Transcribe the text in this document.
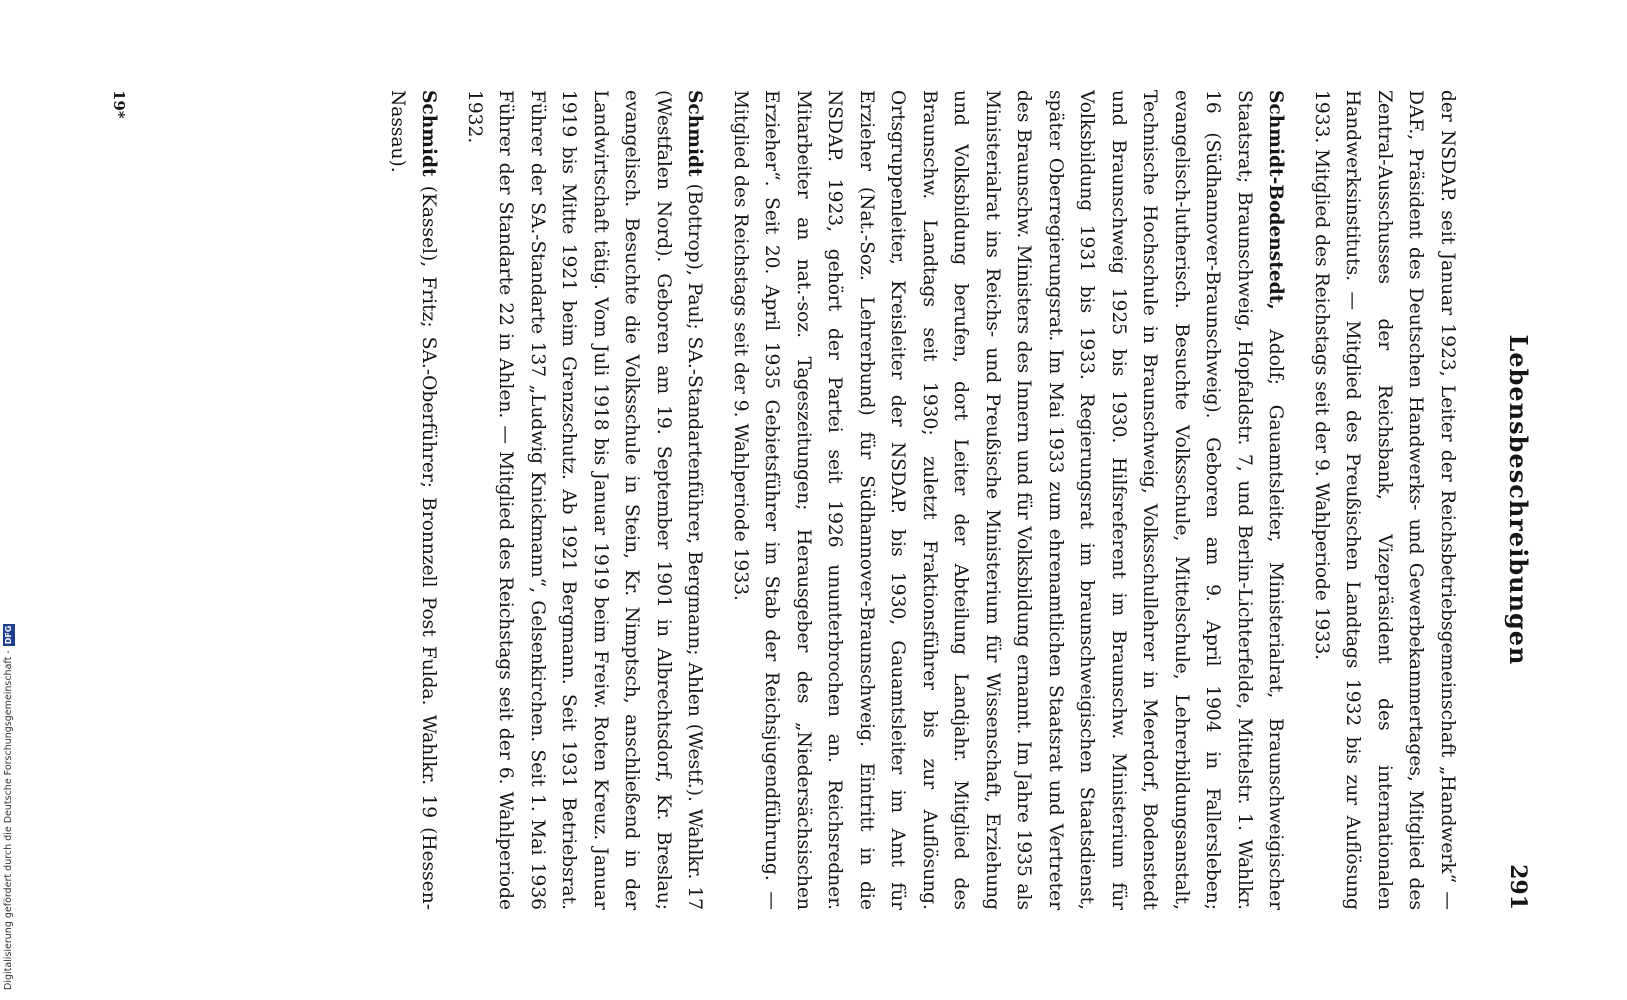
Lebensbeschreibungen
291

der NSDAP. seit Januar 1923, Leiter der Reichsbetriebsgemeinschaft „Handwerk“ — DAF., Präsident des Deutschen Handwerks- und Gewerbekammertages, Mitglied des Zentral-Ausschusses der Reichsbank, Vizepräsident des internationalen Handwerksinstituts. — Mitglied des Preußischen Landtags 1932 bis zur Auflösung 1933. Mitglied des Reichstags seit der 9. Wahlperiode 1933.

Schmidt-Bodenstedt, Adolf; Gauamtsleiter, Ministerialrat, Braunschweigischer Staatsrat; Braunschweig, Hopfaldstr. 7, und Berlin-Lichterfelde, Mittelstr. 1. Wahlkr. 16 (Südhannover-Braunschweig). Geboren am 9. April 1904 in Fallersleben; evangelisch-lutherisch. Besuchte Volksschule, Mittelschule, Lehrerbildungsanstalt, Technische Hochschule in Braunschweig, Volksschullehrer in Meerdorf, Bodenstedt und Braunschweig 1925 bis 1930. Hilfsreferent im Braunschw. Ministerium für Volksbildung 1931 bis 1933. Regierungsrat im braunschweigischen Staatsdienst, später Oberregierungsrat. Im Mai 1933 zum ehrenamtlichen Staatsrat und Vertreter des Braunschw. Ministers des Innern und für Volksbildung ernannt. Im Jahre 1935 als Ministerialrat ins Reichs- und Preußische Ministerium für Wissenschaft, Erziehung und Volksbildung berufen, dort Leiter der Abteilung Landjahr. Mitglied des Braunschw. Landtags seit 1930; zuletzt Fraktionsführer bis zur Auflösung. Ortsgruppenleiter, Kreisleiter der NSDAP. bis 1930, Gauamtsleiter im Amt für Erzieher (Nat.-Soz. Lehrerbund) für Südhannover-Braunschweig. Eintritt in die NSDAP. 1923, gehört der Partei seit 1926 ununterbrochen an. Reichsredner. Mitarbeiter an nat.-soz. Tageszeitungen; Herausgeber des „Niedersächsischen Erzieher“. Seit 20. April 1935 Gebietsführer im Stab der Reichsjugendführung. — Mitglied des Reichstags seit der 9. Wahlperiode 1933.

Schmidt (Bottrop), Paul; SA.-Standartenführer, Bergmann; Ahlen (Westf.). Wahlkr. 17 (Westfalen Nord). Geboren am 19. September 1901 in Albrechtsdorf, Kr. Breslau; evangelisch. Besuchte die Volksschule in Stein, Kr. Nimptsch, anschließend in der Landwirtschaft tätig. Vom Juli 1918 bis Januar 1919 beim Freiw. Roten Kreuz. Januar 1919 bis Mitte 1921 beim Grenzschutz. Ab 1921 Bergmann. Seit 1931 Betriebsrat. Führer der SA.-Standarte 137 „Ludwig Knickmann“, Gelsenkirchen. Seit 1. Mai 1936 Führer der Standarte 22 in Ahlen. — Mitglied des Reichstags seit der 6. Wahlperiode 1932.

Schmidt (Kassel), Fritz; SA.-Oberführer; Bronnzell Post Fulda. Wahlkr. 19 (Hessen-Nassau).

19*
Digitalisierung gefördert durch die Deutsche Forschungsgemeinschaft -DFG
